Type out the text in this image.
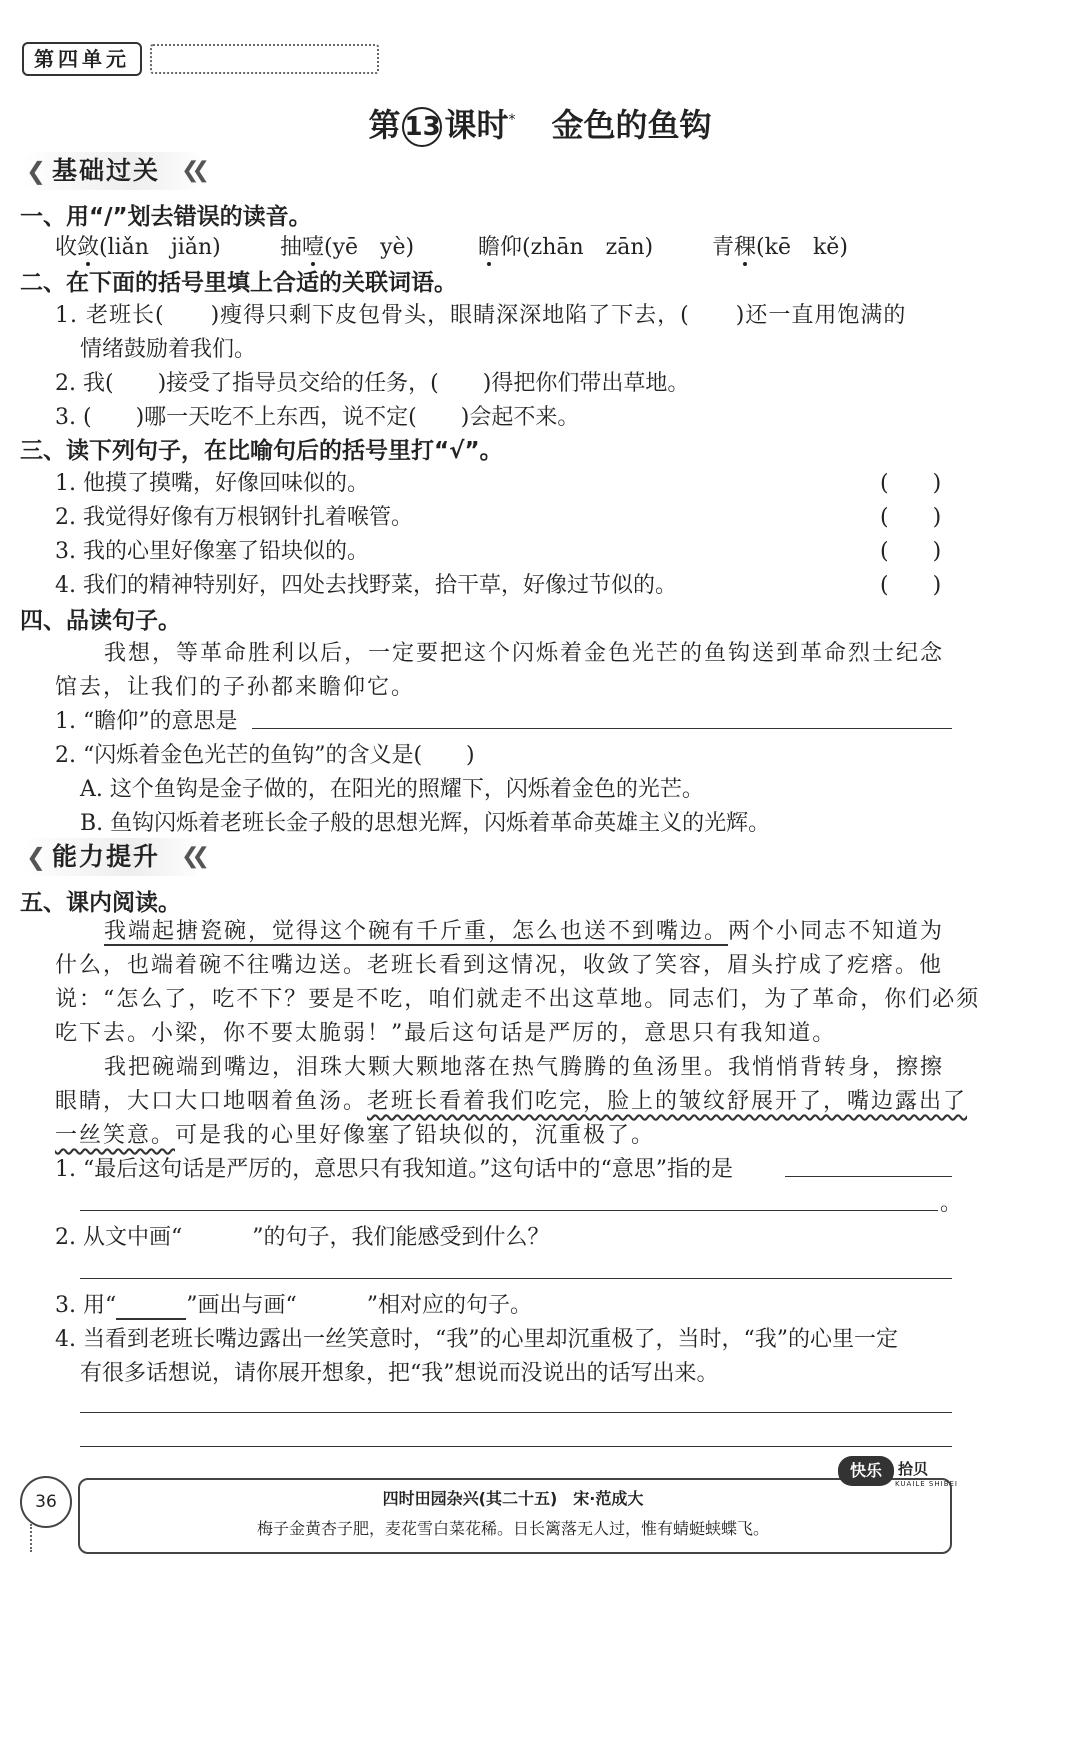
第四单元
第 13 课时* 金色的鱼钩
❮ 基础过关 ❮❮
一、用“/”划去错误的读音。
收敛
(liǎn　jiǎn)	抽噎
(yē　yè)	瞻
仰(zhān　zān)	青稞
(kē　kě)
二、在下面的括号里填上合适的关联词语。
1. 老班长(　　)瘦得只剩下皮包骨头，眼睛深深地陷了下去，(　　)还一直用饱满的
情绪鼓励着我们。
2. 我(　　)接受了指导员交给的任务，(　　)得把你们带出草地。
3. (　　)哪一天吃不上东西，说不定(　　)会起不来。
三、读下列句子，在比喻句后的括号里打“√”。
1. 他摸了摸嘴，好像回味似的。	(　　)
2. 我觉得好像有万根钢针扎着喉管。	(　　)
3. 我的心里好像塞了铅块似的。	(　　)
4. 我们的精神特别好，四处去找野菜，拾干草，好像过节似的。	(　　)
四、品读句子。
我想，等革命胜利以后，一定要把这个闪烁着金色光芒的鱼钩送到革命烈士纪念
馆去，让我们的子孙都来瞻仰它。
1. “瞻仰”的意思是
2. “闪烁着金色光芒的鱼钩”的含义是(　　)
A. 这个鱼钩是金子做的，在阳光的照耀下，闪烁着金色的光芒。
B. 鱼钩闪烁着老班长金子般的思想光辉，闪烁着革命英雄主义的光辉。
❮ 能力提升 ❮❮
五、课内阅读。
我端起搪瓷碗，觉得这个碗有千斤重，怎么也送不到嘴边。两个小同志不知道为
什么，也端着碗不往嘴边送。老班长看到这情况，收敛了笑容，眉头拧成了疙瘩。他
说：“怎么了，吃不下？要是不吃，咱们就走不出这草地。同志们，为了革命，你们必须
吃下去。小梁，你不要太脆弱！”最后这句话是严厉的，意思只有我知道。
我把碗端到嘴边，泪珠大颗大颗地落在热气腾腾的鱼汤里。我悄悄背转身，擦擦
眼睛，大口大口地咽着鱼汤。老班长看着我们吃完，脸上的皱纹舒展开了，嘴边露出了
一丝笑意。可是我的心里好像塞了铅块似的，沉重极了。
1. “最后这句话是严厉的，意思只有我知道。”这句话中的“意思”指的是
。
2. 从文中画“	”的句子，我们能感受到什么？
3. 用“	”画出与画“	”相对应的句子。
4. 当看到老班长嘴边露出一丝笑意时，“我”的心里却沉重极了，当时，“我”的心里一定
有很多话想说，请你展开想象，把“我”想说而没说出的话写出来。
36	四时田园杂兴(其二十五)　宋·范成大
梅子金黄杏子肥，麦花雪白菜花稀。日长篱落无人过，惟有蜻蜓蛱蝶飞。
快乐	拾贝
KUAILE SHIBEI
